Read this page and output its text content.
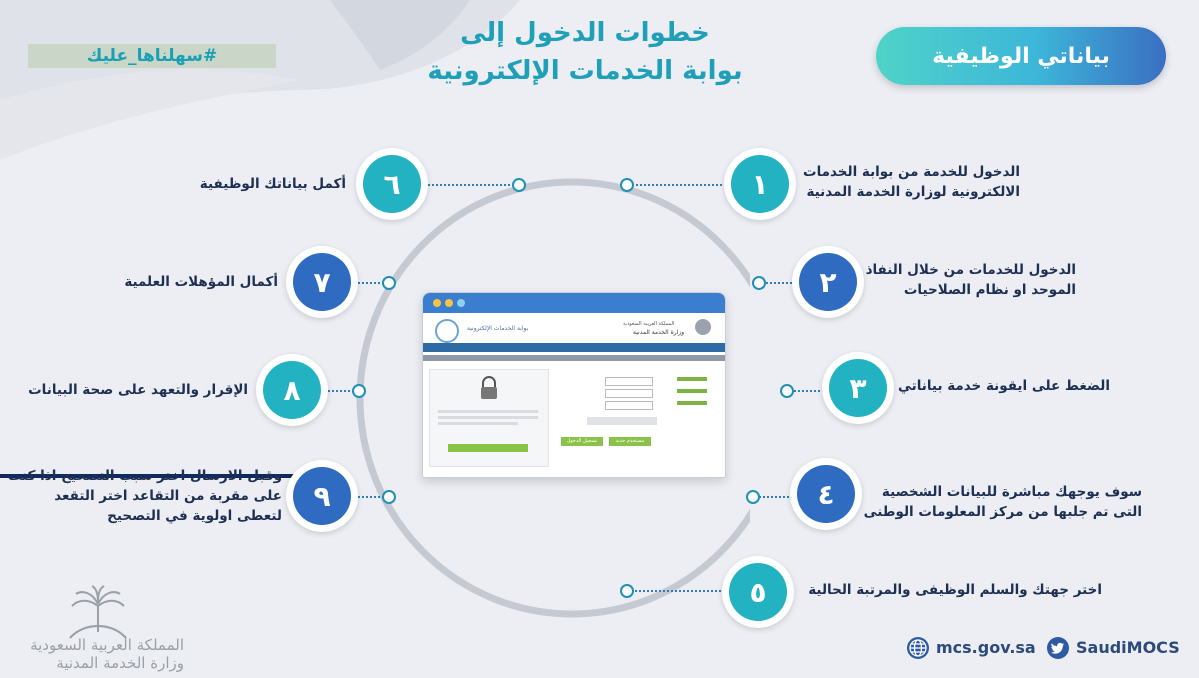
خطوات الدخول إلى
بوابة الخدمات الإلكترونية
#سهلناها_عليك	بياناتي الوظيفية
بوابة الخدمات الإلكترونية
المملكة العربية السعودية
وزارة الخدمة المدنية
تسجيل الدخول	مستخدم جديد
١	الدخول للخدمة من بوابة الخدمات
الالكترونية لوزارة الخدمة المدنية
٢	الدخول للخدمات من خلال النفاذ
الموحد او نظام الصلاحيات
٣	الضغط على ايقونة خدمة بياناتي
٤	سوف يوجهك مباشرة للبيانات الشخصية
التى تم جلبها من مركز المعلومات الوطنى
٥	اختر جهتك والسلم الوظيفى والمرتبة الحالية
٦
أكمل بياناتك الوظيفية
٧
أكمال المؤهلات العلمية
٨
الإقرار والتعهد على صحة البيانات
٩
وقبل الارسال اختر سبب التصحيح اذا كنت
على مقربة من التقاعد اختر التقعد
لتعطى اولوية في التصحيح
المملكة العربية السعودية
وزارة الخدمة المدنية
mcs.gov.sa	SaudiMOCS
